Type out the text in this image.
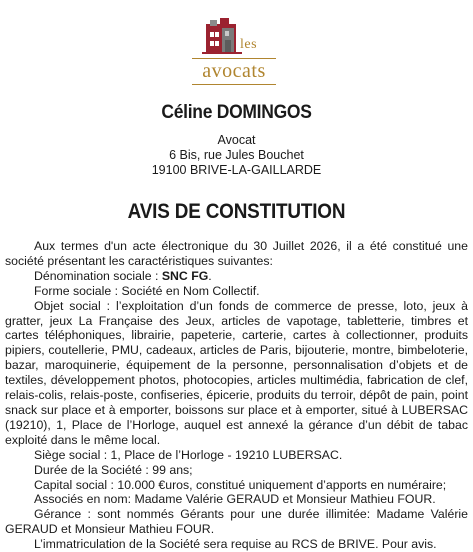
les
avocats
Céline DOMINGOS
Avocat
6 Bis, rue Jules Bouchet
19100 BRIVE-LA-GAILLARDE
AVIS DE CONSTITUTION

Aux termes d'un acte électronique du 30 Juillet 2026, il a été constitué une société présentant les caractéristiques suivantes:

Dénomination sociale : SNC FG.

Forme sociale : Société en Nom Collectif.

Objet social : l’exploitation d’un fonds de commerce de presse, loto, jeux à gratter, jeux La Française des Jeux, articles de vapotage, tabletterie, timbres et cartes téléphoniques, librairie, papeterie, carterie, cartes à collectionner, produits pipiers, coutellerie, PMU, cadeaux, articles de Paris, bijouterie, montre, bimbeloterie, bazar, maroquinerie, équipement de la personne, personnalisation d’objets et de textiles, développement photos, photocopies, articles multimédia, fabrication de clef, relais-colis, relais-poste, confiseries, épicerie, produits du terroir, dépôt de pain, point snack sur place et à emporter, boissons sur place et à emporter, situé à LUBERSAC (19210), 1, Place de l’Horloge, auquel est annexé la gérance d’un débit de tabac exploité dans le même local.

Siège social : 1, Place de l’Horloge - 19210 LUBERSAC.

Durée de la Société : 99 ans;

Capital social : 10.000 €uros, constitué uniquement d’apports en numéraire;

Associés en nom: Madame Valérie GERAUD et Monsieur Mathieu FOUR.

Gérance : sont nommés Gérants pour une durée illimitée: Madame Valérie GERAUD et Monsieur Mathieu FOUR.

L’immatriculation de la Société sera requise au RCS de BRIVE. Pour avis.
